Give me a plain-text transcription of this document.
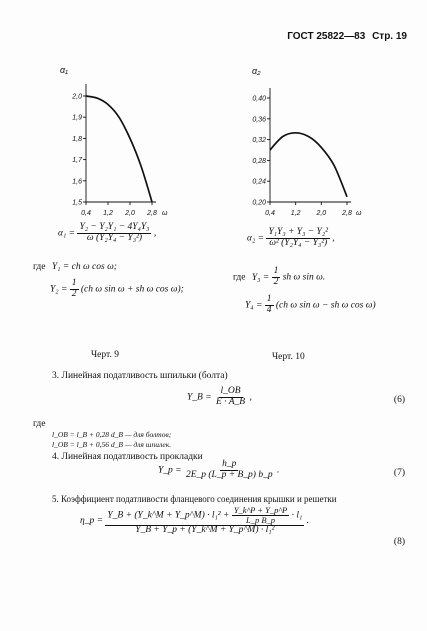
ГОСТ 25822—83 Стр. 19
α₁
2,0
1,9
1,8
1,7
1,6
1,5
0,4 1,2 2,0 2,8 ω
Черт. 9
α₂
0,40
0,36
0,32
0,28
0,24
0,20
0,4 1,2 2,0 2,8 ω
Черт. 10
$\alpha_1 = \frac{\text{Y₂ − Y₂Y₁ − 4Y₄Y₃}}{\text{ω (Y₂Y₄ − Y₃²)}}$ ,
где Y₁ = ch ω cos ω;
$Y_2 = \frac{1}{2} (ch$ ω sin ω + sh ω cos ω);
$\alpha_2 = \frac{\text{Y₁Y₃ + Y₃ − Y₂²}}{\text{ω² (Y₂Y₄ − Y₃²)}}$ ,
где $Y_3 = \frac{1}{2}$ sh ω sin ω.
$Y_4 = \frac{1}{4} (ch$ ω sin ω − sh ω cos ω)
3. Линейная податливость шпильки (болта)
Y_B = $\frac{l\_OB}{E \cdot A\_B}$ ,	(6)
где
l_OB = l_B + 0,28 d_B — для болтов;
l_OB = l_B + 0,56 d_B — для шпилек.
4. Линейная податливость прокладки
Y_p = $\frac{h\_p}{2E\_p (L\_p + B\_p) b\_p}$ .	(7)
5. Коэффициент податливости фланцевого соединения крышки и решетки
η_p =
Y_B + (Y_k^M + Y_p^M) · $l_1^2 + \frac{Y\_k\^{}P + Y\_p\^{}P}{\text{L\_p B\_p}} \cdot l_1$
Y_B + Y_p + (Y_k^M + Y_p^M) · l₁²
.
(8)
